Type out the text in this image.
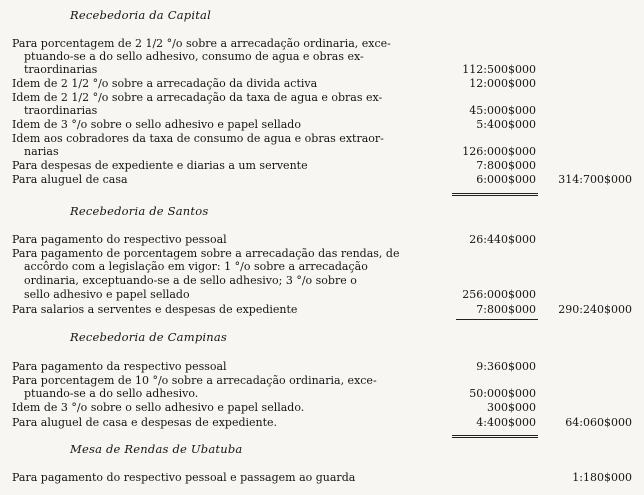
Recebedoria da Capital
Para porcentagem de 2 1/2 °/o sobre a arrecadação ordinaria, exce-
ptuando-se a do sello adhesivo, consumo de agua e obras ex-
traordinarias	112:500$000
Idem de 2 1/2 °/o sobre a arrecadação da divida activa	12:000$000
Idem de 2 1/2 °/o sobre a arrecadação da taxa de agua e obras ex-
traordinarias	45:000$000
Idem de 3 °/o sobre o sello adhesivo e papel sellado	5:400$000
Idem aos cobradores da taxa de consumo de agua e obras extraor-
narias	126:000$000
Para despesas de expediente e diarias a um servente	7:800$000
Para aluguel de casa	6:000$000	314:700$000
Recebedoria de Santos
Para pagamento do respectivo pessoal	26:440$000
Para pagamento de porcentagem sobre a arrecadação das rendas, de
accôrdo com a legislação em vigor: 1 °/o sobre a arrecadação
ordinaria, exceptuando-se a de sello adhesivo; 3 °/o sobre o
sello adhesivo e papel sellado	256:000$000
Para salarios a serventes e despesas de expediente	7:800$000	290:240$000
Recebedoria de Campinas
Para pagamento da respectivo pessoal	9:360$000
Para porcentagem de 10 °/o sobre a arrecadação ordinaria, exce-
ptuando-se a do sello adhesivo.	50:000$000
Idem de 3 °/o sobre o sello adhesivo e papel sellado.	300$000
Para aluguel de casa e despesas de expediente.	4:400$000	64:060$000
Mesa de Rendas de Ubatuba
Para pagamento do respectivo pessoal e passagem ao guarda	1:180$000
